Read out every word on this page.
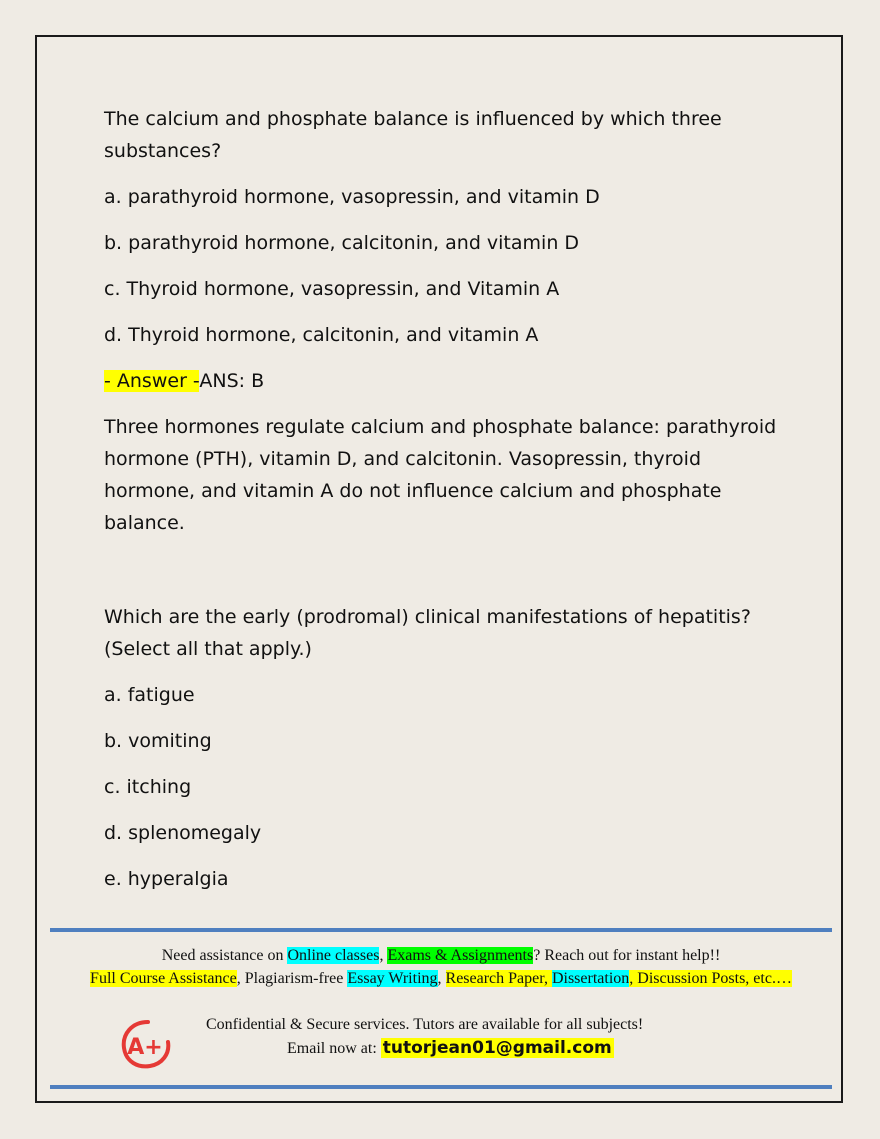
The calcium and phosphate balance is influenced by which three substances?

a. parathyroid hormone, vasopressin, and vitamin D

b. parathyroid hormone, calcitonin, and vitamin D

c. Thyroid hormone, vasopressin, and Vitamin A

d. Thyroid hormone, calcitonin, and vitamin A

- Answer -ANS: B

Three hormones regulate calcium and phosphate balance: parathyroid hormone (PTH), vitamin D, and calcitonin. Vasopressin, thyroid hormone, and vitamin A do not influence calcium and phosphate balance.

Which are the early (prodromal) clinical manifestations of hepatitis? (Select all that apply.)

a. fatigue

b. vomiting

c. itching

d. splenomegaly

e. hyperalgia

Need assistance on Online classes, Exams & Assignments? Reach out for instant help!!
Full Course Assistance, Plagiarism-free Essay Writing, Research Paper, Dissertation, Discussion Posts, etc.…
A+
Confidential & Secure services. Tutors are available for all subjects!
Email now at: tutorjean01@gmail.com
